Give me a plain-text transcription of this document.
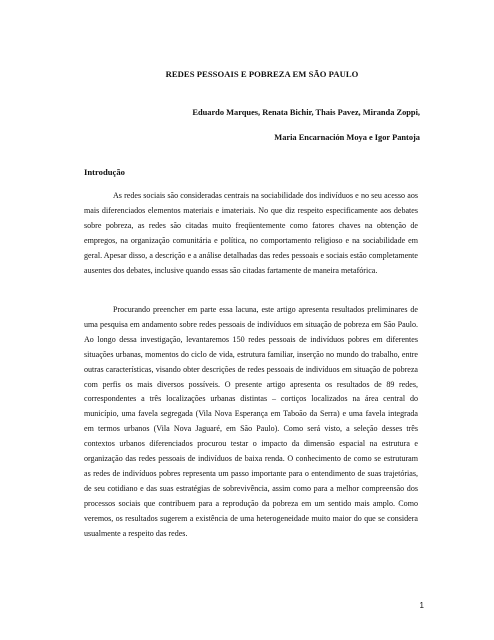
REDES PESSOAIS E POBREZA EM SÃO PAULO
Eduardo Marques, Renata Bichir, Thais Pavez, Miranda Zoppi,
Maria Encarnación Moya e Igor Pantoja
Introdução

As redes sociais são consideradas centrais na sociabilidade dos indivíduos e no seu acesso aos mais diferenciados elementos materiais e imateriais. No que diz respeito especificamente aos debates sobre pobreza, as redes são citadas muito freqüentemente como fatores chaves na obtenção de empregos, na organização comunitária e política, no comportamento religioso e na sociabilidade em geral. Apesar disso, a descrição e a análise detalhadas das redes pessoais e sociais estão completamente ausentes dos debates, inclusive quando essas são citadas fartamente de maneira metafórica.

Procurando preencher em parte essa lacuna, este artigo apresenta resultados preliminares de uma pesquisa em andamento sobre redes pessoais de indivíduos em situação de pobreza em São Paulo. Ao longo dessa investigação, levantaremos 150 redes pessoais de indivíduos pobres em diferentes situações urbanas, momentos do ciclo de vida, estrutura familiar, inserção no mundo do trabalho, entre outras características, visando obter descrições de redes pessoais de indivíduos em situação de pobreza com perfis os mais diversos possíveis. O presente artigo apresenta os resultados de 89 redes, correspondentes a três localizações urbanas distintas – cortiços localizados na área central do município, uma favela segregada (Vila Nova Esperança em Taboão da Serra) e uma favela integrada em termos urbanos (Vila Nova Jaguaré, em São Paulo). Como será visto, a seleção desses três contextos urbanos diferenciados procurou testar o impacto da dimensão espacial na estrutura e organização das redes pessoais de indivíduos de baixa renda. O conhecimento de como se estruturam as redes de indivíduos pobres representa um passo importante para o entendimento de suas trajetórias, de seu cotidiano e das suas estratégias de sobrevivência, assim como para a melhor compreensão dos processos sociais que contribuem para a reprodução da pobreza em um sentido mais amplo. Como veremos, os resultados sugerem a existência de uma heterogeneidade muito maior do que se considera usualmente a respeito das redes.

1
